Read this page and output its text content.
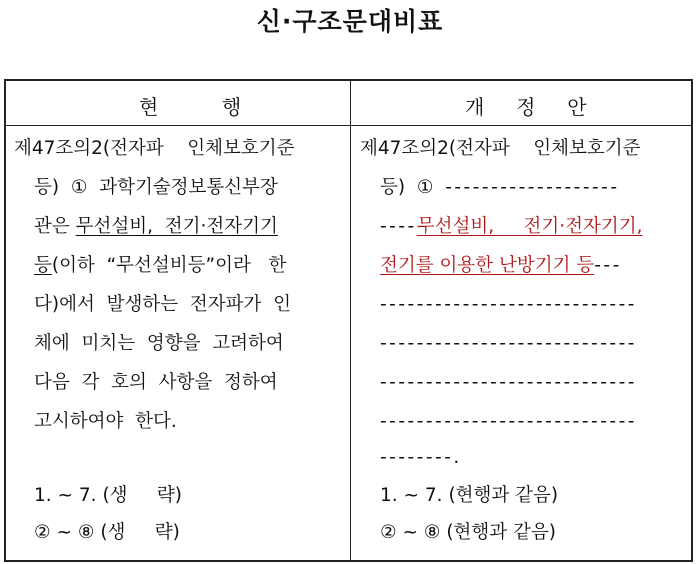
신·구조문대비표
현          행	개     정     안
제47조의2(전자파    인체보호기준
등)  ①  과학기술정보통신부장
관은 무선설비,  전기·전자기기
등(이하  “무선설비등”이라   한
다)에서  발생하는  전자파가  인
체에  미치는  영향을  고려하여
다음  각  호의  사항을  정하여
고시하여야  한다.
1. ~ 7. (생     략)
② ~ ⑧ (생     략)
제47조의2(전자파    인체보호기준
등)  ①  -------------------
----무선설비,     전기·전자기기,
전기를 이용한 난방기기 등---
----------------------------
----------------------------
----------------------------
----------------------------
--------.
1. ~ 7. (현행과 같음)
② ~ ⑧ (현행과 같음)
